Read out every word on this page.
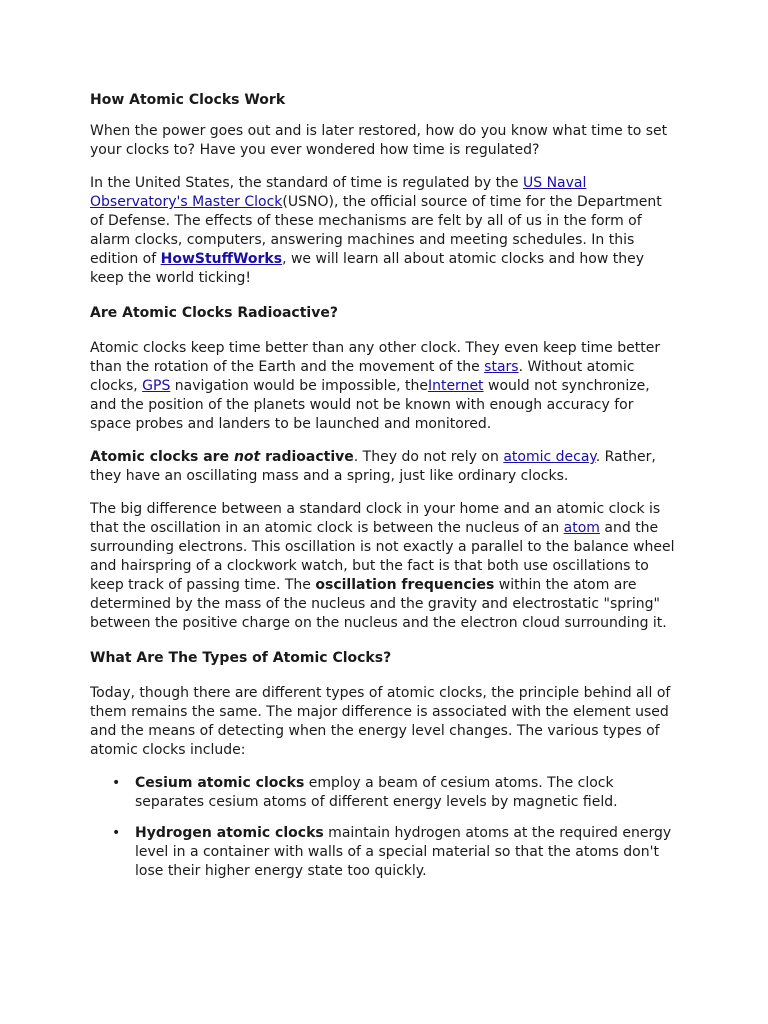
How Atomic Clocks Work

When the power goes out and is later restored, how do you know what time to set your clocks to? Have you ever wondered how time is regulated?

In the United States, the standard of time is regulated by the US Naval Observatory's Master Clock(USNO), the official source of time for the Department of Defense. The effects of these mechanisms are felt by all of us in the form of alarm clocks, computers, answering machines and meeting schedules. In this edition of HowStuffWorks, we will learn all about atomic clocks and how they keep the world ticking!

Are Atomic Clocks Radioactive?

Atomic clocks keep time better than any other clock. They even keep time better than the rotation of the Earth and the movement of the stars. Without atomic clocks, GPS navigation would be impossible, theInternet would not synchronize, and the position of the planets would not be known with enough accuracy for space probes and landers to be launched and monitored.

Atomic clocks are not radioactive. They do not rely on atomic decay. Rather, they have an oscillating mass and a spring, just like ordinary clocks.

The big difference between a standard clock in your home and an atomic clock is that the oscillation in an atomic clock is between the nucleus of an atom and the surrounding electrons. This oscillation is not exactly a parallel to the balance wheel and hairspring of a clockwork watch, but the fact is that both use oscillations to keep track of passing time. The oscillation frequencies within the atom are determined by the mass of the nucleus and the gravity and electrostatic "spring" between the positive charge on the nucleus and the electron cloud surrounding it.

What Are The Types of Atomic Clocks?

Today, though there are different types of atomic clocks, the principle behind all of them remains the same. The major difference is associated with the element used and the means of detecting when the energy level changes. The various types of atomic clocks include:

• Cesium atomic clocks employ a beam of cesium atoms. The clock separates cesium atoms of different energy levels by magnetic field.
• Hydrogen atomic clocks maintain hydrogen atoms at the required energy level in a container with walls of a special material so that the atoms don't lose their higher energy state too quickly.
